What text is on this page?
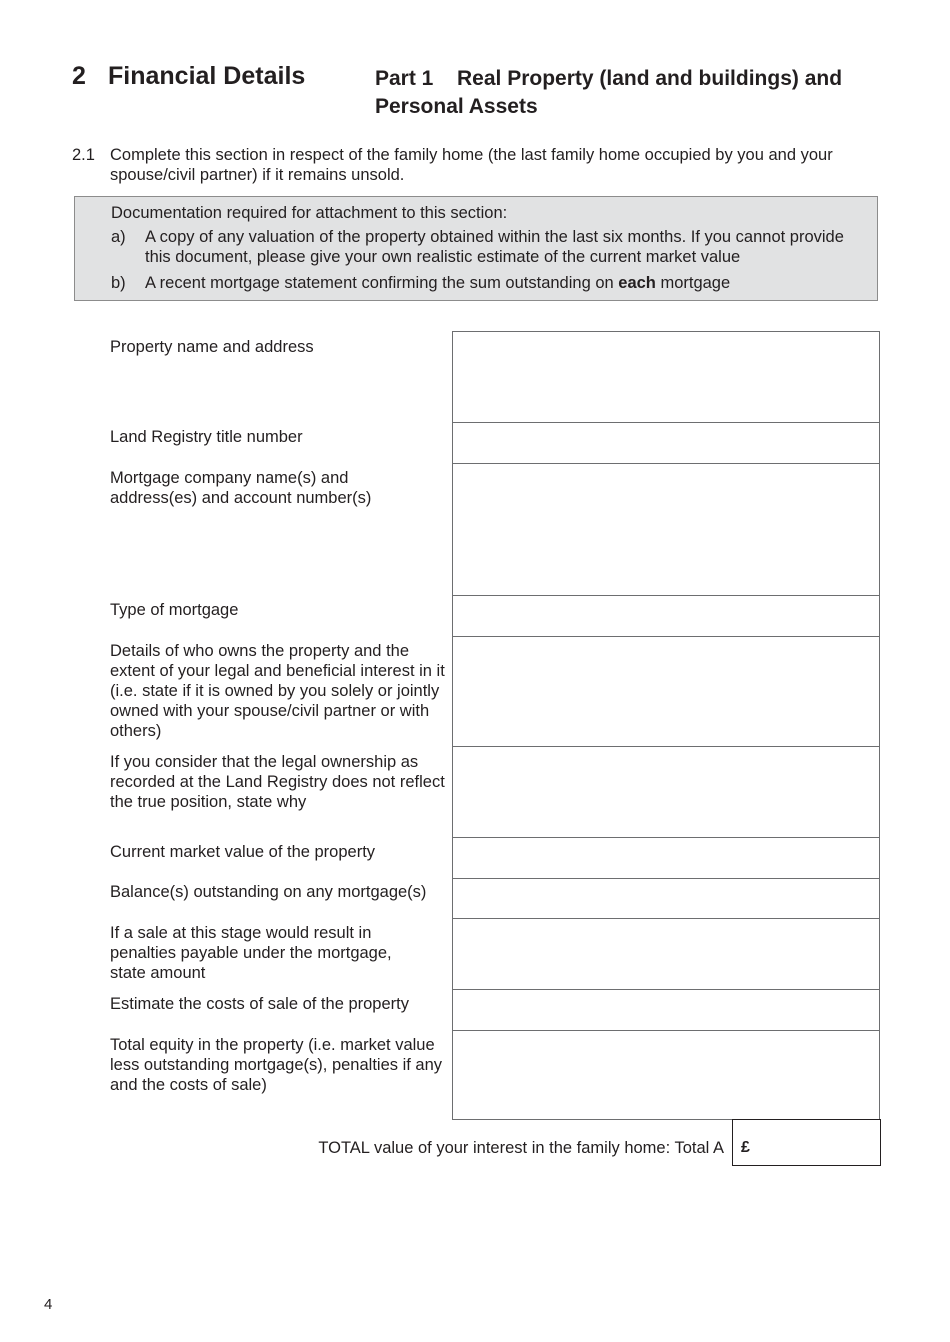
2 Financial Details	Part 1 Real Property (land and buildings) and Personal Assets
2.1 Complete this section in respect of the family home (the last family home occupied by you and your spouse/civil partner) if it remains unsold.
Documentation required for attachment to this section:
a) A copy of any valuation of the property obtained within the last six months. If you cannot provide this document, please give your own realistic estimate of the current market value
b) A recent mortgage statement confirming the sum outstanding on each mortgage
Property name and address
Land Registry title number
Mortgage company name(s) and address(es) and account number(s)
Type of mortgage
Details of who owns the property and the extent of your legal and beneficial interest in it (i.e. state if it is owned by you solely or jointly owned with your spouse/civil partner or with others)
If you consider that the legal ownership as recorded at the Land Registry does not reflect the true position, state why
Current market value of the property
Balance(s) outstanding on any mortgage(s)
If a sale at this stage would result in penalties payable under the mortgage, state amount
Estimate the costs of sale of the property
Total equity in the property (i.e. market value less outstanding mortgage(s), penalties if any and the costs of sale)
TOTAL value of your interest in the family home: Total A	£
4
